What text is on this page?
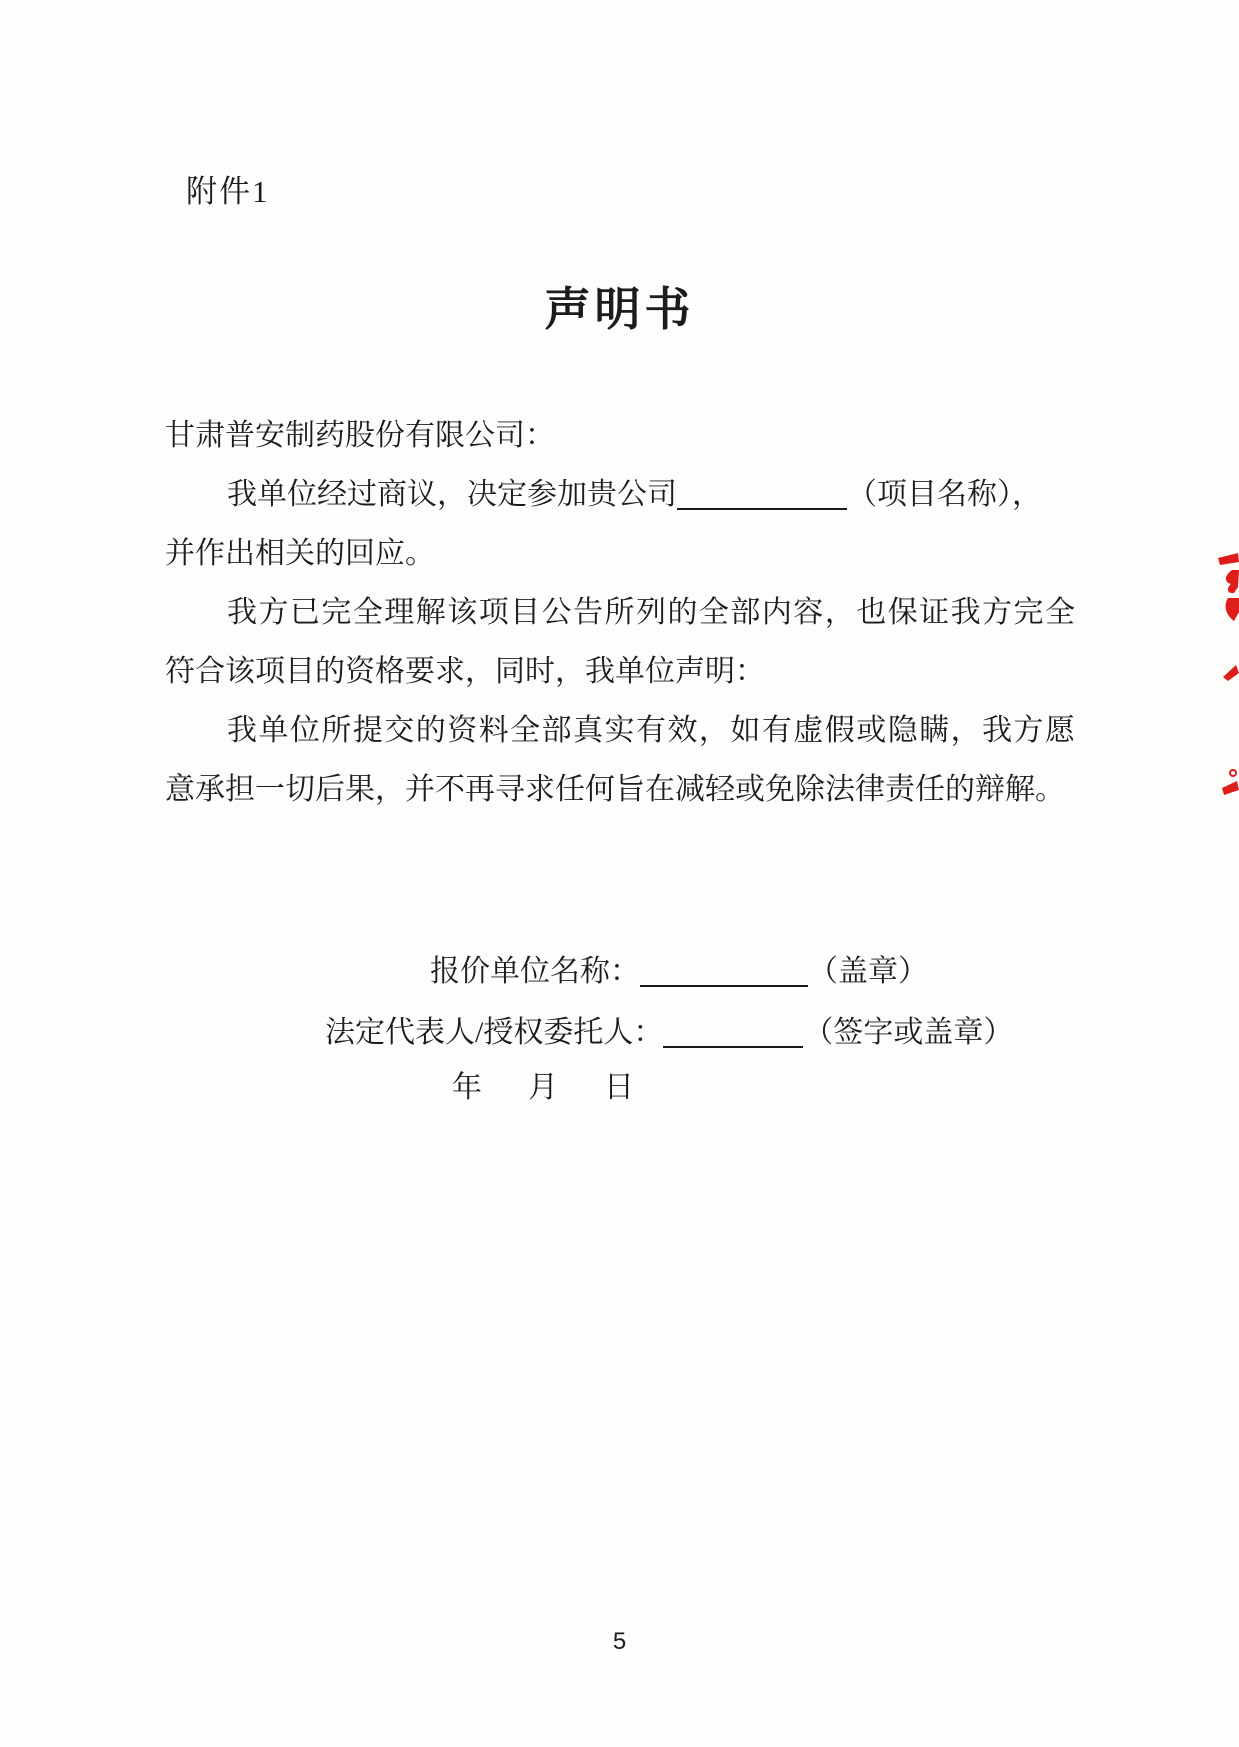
附件1
声明书
甘肃普安制药股份有限公司：
我单位经过商议，决定参加贵公司	（项目名称），
并作出相关的回应。
我方已完全理解该项目公告所列的全部内容，也保证我方完全
符合该项目的资格要求，同时，我单位声明：
我单位所提交的资料全部真实有效，如有虚假或隐瞒，我方愿
意承担一切后果，并不再寻求任何旨在减轻或免除法律责任的辩解。
报价单位名称：	（盖章）
法定代表人/授权委托人：	（签字或盖章）
年　月　日
5
